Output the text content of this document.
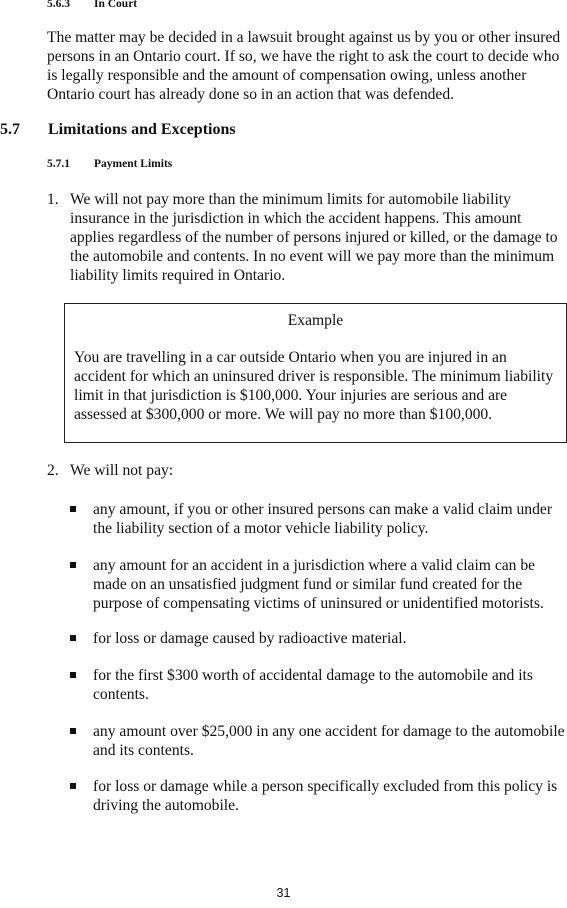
5.6.3 In Court
The matter may be decided in a lawsuit brought against us by you or other insured persons in an Ontario court. If so, we have the right to ask the court to decide who is legally responsible and the amount of compensation owing, unless another Ontario court has already done so in an action that was defended.
5.7 Limitations and Exceptions
5.7.1 Payment Limits
1. We will not pay more than the minimum limits for automobile liability insurance in the jurisdiction in which the accident happens. This amount applies regardless of the number of persons injured or killed, or the damage to the automobile and contents. In no event will we pay more than the minimum liability limits required in Ontario.
Example
You are travelling in a car outside Ontario when you are injured in an accident for which an uninsured driver is responsible. The minimum liability limit in that jurisdiction is $100,000. Your injuries are serious and are assessed at $300,000 or more. We will pay no more than $100,000.
2. We will not pay:
any amount, if you or other insured persons can make a valid claim under the liability section of a motor vehicle liability policy.
any amount for an accident in a jurisdiction where a valid claim can be made on an unsatisfied judgment fund or similar fund created for the purpose of compensating victims of uninsured or unidentified motorists.
for loss or damage caused by radioactive material.
for the first $300 worth of accidental damage to the automobile and its contents.
any amount over $25,000 in any one accident for damage to the automobile and its contents.
for loss or damage while a person specifically excluded from this policy is driving the automobile.
31
